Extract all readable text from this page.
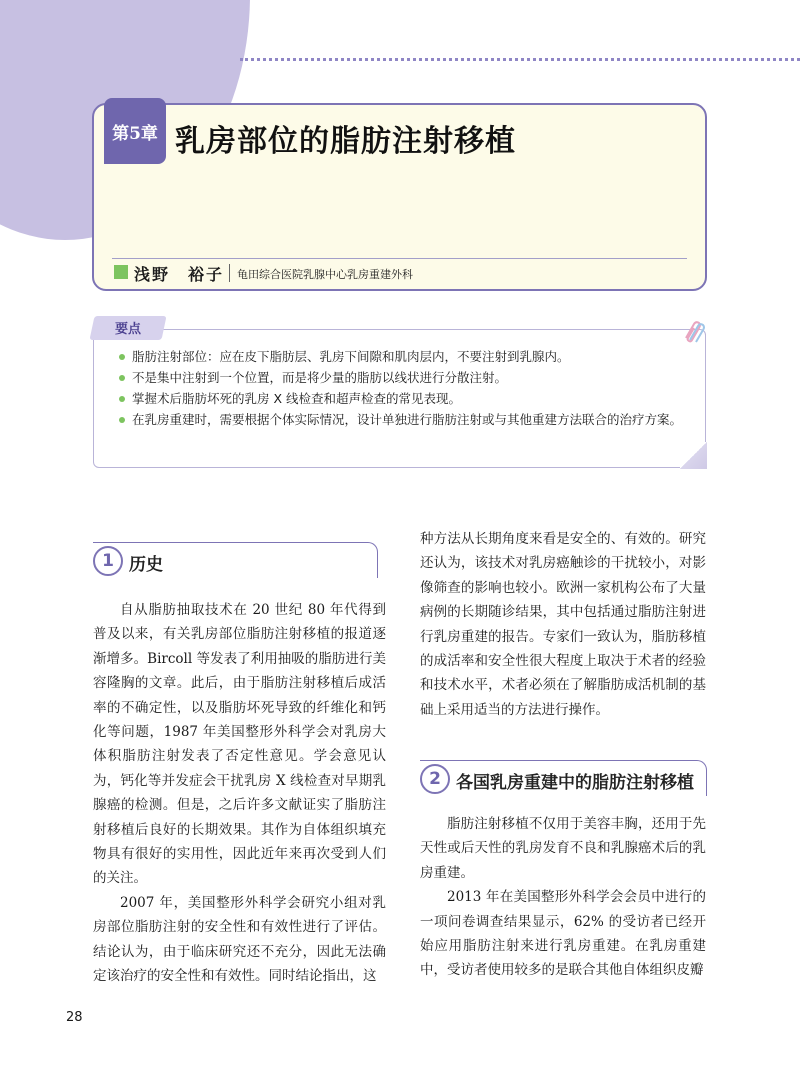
第5章 乳房部位的脂肪注射移植
浅野　裕子 龟田综合医院乳腺中心乳房重建外科
要点
脂肪注射部位：应在皮下脂肪层、乳房下间隙和肌肉层内，不要注射到乳腺内。
不是集中注射到一个位置，而是将少量的脂肪以线状进行分散注射。
掌握术后脂肪坏死的乳房 X 线检查和超声检查的常见表现。
在乳房重建时，需要根据个体实际情况，设计单独进行脂肪注射或与其他重建方法联合的治疗方案。
1 历史

自从脂肪抽取技术在 20 世纪 80 年代得到普及以来，有关乳房部位脂肪注射移植的报道逐渐增多。Bircoll 等发表了利用抽吸的脂肪进行美容隆胸的文章。此后，由于脂肪注射移植后成活率的不确定性，以及脂肪坏死导致的纤维化和钙化等问题，1987 年美国整形外科学会对乳房大体积脂肪注射发表了否定性意见。学会意见认为，钙化等并发症会干扰乳房 X 线检查对早期乳腺癌的检测。但是，之后许多文献证实了脂肪注射移植后良好的长期效果。其作为自体组织填充物具有很好的实用性，因此近年来再次受到人们的关注。

2007 年，美国整形外科学会研究小组对乳房部位脂肪注射的安全性和有效性进行了评估。结论认为，由于临床研究还不充分，因此无法确定该治疗的安全性和有效性。同时结论指出，这

种方法从长期角度来看是安全的、有效的。研究还认为，该技术对乳房癌触诊的干扰较小，对影像筛查的影响也较小。欧洲一家机构公布了大量病例的长期随诊结果，其中包括通过脂肪注射进行乳房重建的报告。专家们一致认为，脂肪移植的成活率和安全性很大程度上取决于术者的经验和技术水平，术者必须在了解脂肪成活机制的基础上采用适当的方法进行操作。

2 各国乳房重建中的脂肪注射移植

脂肪注射移植不仅用于美容丰胸，还用于先天性或后天性的乳房发育不良和乳腺癌术后的乳房重建。

2013 年在美国整形外科学会会员中进行的一项问卷调查结果显示，62% 的受访者已经开始应用脂肪注射来进行乳房重建。在乳房重建中，受访者使用较多的是联合其他自体组织皮瓣

28
